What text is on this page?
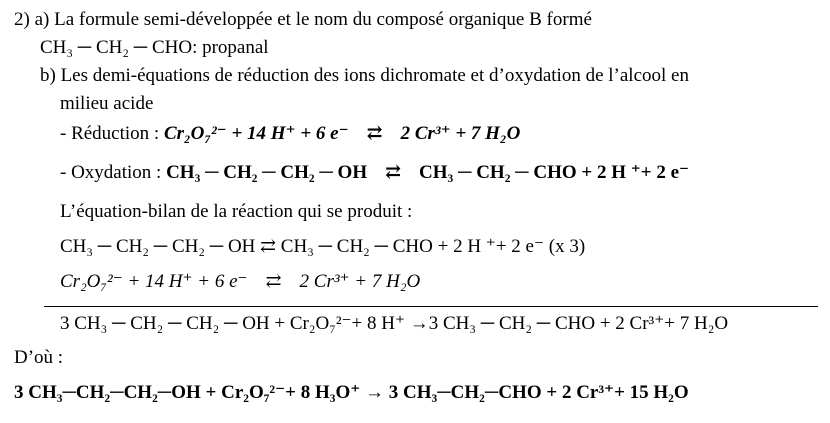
2) a) La formule semi-développée et le nom du composé organique B formé
CH₃ ─ CH₂ ─ CHO: propanal
b) Les demi-équations de réduction des ions dichromate et d’oxydation de l’alcool en
milieu acide
- Réduction : Cr₂O₇²⁻ + 14 H⁺ + 6 e⁻ ⇄ 2 Cr³⁺ + 7 H₂O
- Oxydation : CH₃ ─ CH₂ ─ CH₂ ─ OH ⇄ CH₃ ─ CH₂ ─ CHO + 2 H ⁺+ 2 e⁻
L’équation-bilan de la réaction qui se produit :
CH₃ ─ CH₂ ─ CH₂ ─ OH ⇄ CH₃ ─ CH₂ ─ CHO + 2 H ⁺+ 2 e⁻ (x 3)
Cr₂O₇²⁻ + 14 H⁺ + 6 e⁻ ⇄ 2 Cr³⁺ + 7 H₂O
3 CH₃ ─ CH₂ ─ CH₂ ─ OH + Cr₂O₇²⁻+ 8 H⁺ →3 CH₃ ─ CH₂ ─ CHO + 2 Cr³⁺+ 7 H₂O
D’où :
3 CH₃─CH₂─CH₂─OH + Cr₂O₇²⁻+ 8 H₃O⁺ → 3 CH₃─CH₂─CHO + 2 Cr³⁺+ 15 H₂O
